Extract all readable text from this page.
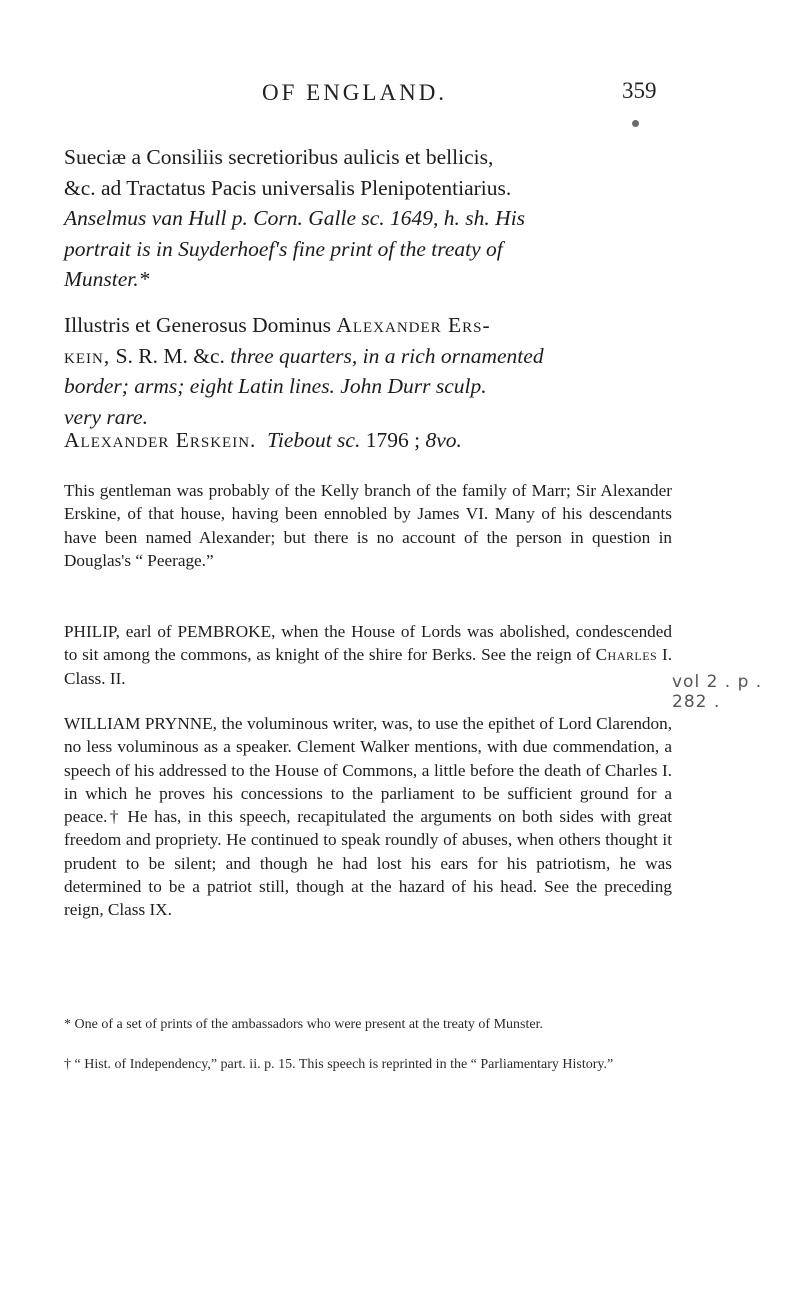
OF ENGLAND.	359
Sueciæ a Consiliis secretioribus aulicis et bellicis,
&c. ad Tractatus Pacis universalis Plenipotentiarius.
Anselmus van Hull p. Corn. Galle sc. 1649, h. sh. His
portrait is in Suyderhoef's fine print of the treaty of
Munster.*
Illustris et Generosus Dominus Alexander Ers-
kein, S. R. M. &c. three quarters, in a rich ornamented
border; arms; eight Latin lines. John Durr sculp.
very rare.
Alexander Erskein. Tiebout sc. 1796 ; 8vo.

This gentleman was probably of the Kelly branch of the family of Marr; Sir Alexander Erskine, of that house, having been ennobled by James VI. Many of his descendants have been named Alexander; but there is no account of the person in question in Douglas's “ Peerage.”

PHILIP, earl of PEMBROKE, when the House of Lords was abolished, condescended to sit among the commons, as knight of the shire for Berks. See the reign of Charles I. Class. II.	vol 2 . p . 282 .

WILLIAM PRYNNE, the voluminous writer, was, to use the epithet of Lord Clarendon, no less voluminous as a speaker. Clement Walker mentions, with due commendation, a speech of his addressed to the House of Commons, a little before the death of Charles I. in which he proves his concessions to the parliament to be sufficient ground for a peace.† He has, in this speech, recapitulated the arguments on both sides with great freedom and propriety. He continued to speak roundly of abuses, when others thought it prudent to be silent; and though he had lost his ears for his patriotism, he was determined to be a patriot still, though at the hazard of his head. See the preceding reign, Class IX.

* One of a set of prints of the ambassadors who were present at the treaty of Munster.

† “ Hist. of Independency,” part. ii. p. 15. This speech is reprinted in the “ Parliamentary History.”
